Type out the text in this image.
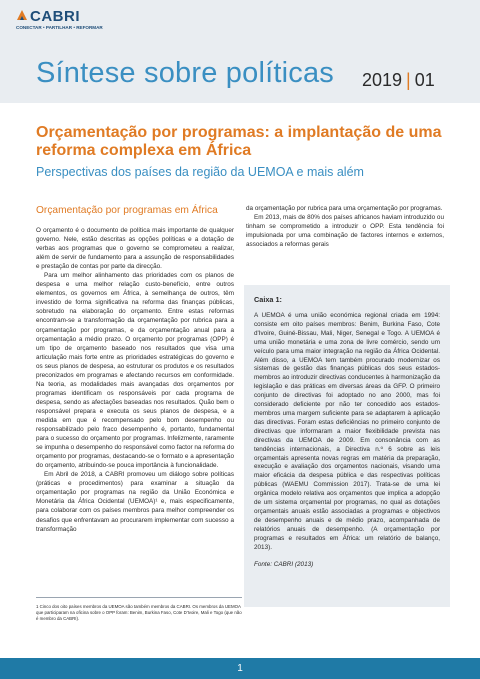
CABRI
CONECTAR • PARTILHAR • REFORMAR
Síntese sobre políticas 2019 | 01
Orçamentação por programas: a implantação de uma reforma complexa em África
Perspectivas dos países da região da UEMOA e mais além
Orçamentação por programas em África

O orçamento é o documento de política mais importante de qualquer governo. Nele, estão descritas as opções políticas e a dotação de verbas aos programas que o governo se comprometeu a realizar, além de servir de fundamento para a assunção de responsabilidades e prestação de contas por parte da direcção.

Para um melhor alinhamento das prioridades com os planos de despesa e uma melhor relação custo-benefício, entre outros elementos, os governos em África, à semelhança de outros, têm investido de forma significativa na reforma das finanças públicas, sobretudo na elaboração do orçamento. Entre estas reformas encontram-se a transformação da orçamentação por rubrica para a orçamentação por programas, e da orçamentação anual para a orçamentação a médio prazo. O orçamento por programas (OPP) é um tipo de orçamento baseado nos resultados que visa uma articulação mais forte entre as prioridades estratégicas do governo e os seus planos de despesa, ao estruturar os produtos e os resultados preconizados em programas e afectando recursos em conformidade. Na teoria, as modalidades mais avançadas dos orçamentos por programas identificam os responsáveis por cada programa de despesa, sendo as afectações baseadas nos resultados. Quão bem o responsável prepara e executa os seus planos de despesa, e a medida em que é recompensado pelo bom desempenho ou responsabilizado pelo fraco desempenho é, portanto, fundamental para o sucesso do orçamento por programas. Infelizmente, raramente se impunha o desempenho do responsável como factor na reforma do orçamento por programas, destacando-se o formato e a apresentação do orçamento, atribuindo-se pouca importância à funcionalidade.

Em Abril de 2018, a CABRI promoveu um diálogo sobre políticas (práticas e procedimentos) para examinar a situação da orçamentação por programas na região da União Económica e Monetária da África Ocidental (UEMOA)¹ e, mais especificamente, para colaborar com os países membros para melhor compreender os desafios que enfrentavam ao procurarem implementar com sucesso a transformação

da orçamentação por rubrica para uma orçamentação por programas.

Em 2013, mais de 80% dos países africanos haviam introduzido ou tinham se comprometido a introduzir o OPP. Esta tendência foi impulsionada por uma combinação de factores internos e externos, associados a reformas gerais

Caixa 1:

A UEMOA é uma união económica regional criada em 1994: consiste em oito países membros: Benim, Burkina Faso, Cote d'Ivoire, Guiné-Bissau, Mali, Niger, Senegal e Togo. A UEMOA é uma união monetária e uma zona de livre comércio, sendo um veículo para uma maior integração na região da África Ocidental. Além disso, a UEMOA tem também procurado modernizar os sistemas de gestão das finanças públicas dos seus estados-membros ao introduzir directivas conducentes à harmonização da legislação e das práticas em diversas áreas da GFP. O primeiro conjunto de directivas foi adoptado no ano 2000, mas foi considerado deficiente por não ter concedido aos estados-membros uma margem suficiente para se adaptarem à aplicação das directivas. Foram estas deficiências no primeiro conjunto de directivas que informaram a maior flexibilidade prevista nas directivas da UEMOA de 2009. Em consonância com as tendências internacionais, a Directiva n.º 6 sobre as leis orçamentais apresenta novas regras em matéria da preparação, execução e avaliação dos orçamentos nacionais, visando uma maior eficácia da despesa pública e das respectivas políticas públicas (WAEMU Commission 2017). Trata-se de uma lei orgânica modelo relativa aos orçamentos que implica a adopção de um sistema orçamental por programas, no qual as dotações orçamentais anuais estão associadas a programas e objectivos de desempenho anuais e de médio prazo, acompanhada de relatórios anuais de desempenho. (A orçamentação por programas e resultados em África: um relatório de balanço, 2013).

Fonte: CABRI (2013)

1 Cinco dos oito países membros da UEMOA são também membros da CABRI. Os membros da UEMOA que participaram na oficina sobre o OPP foram: Benim, Burkina Faso, Cote D'Ivoire, Mali e Togo (que não é membro da CABRI).
1
